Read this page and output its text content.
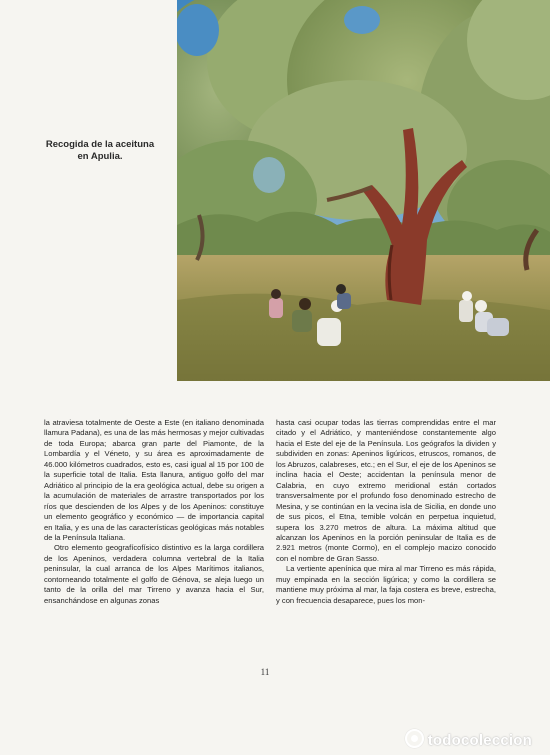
Recogida de la aceituna
en Apulia.

la atraviesa totalmente de Oeste a Este (en italiano denominada llamura Padana), es una de las más hermosas y mejor cultivadas de toda Europa; abarca gran parte del Piamonte, de la Lombardía y el Véneto, y su área es aproximadamente de 46.000 kilómetros cuadrados, esto es, casi igual al 15 por 100 de la superficie total de Italia. Esta llanura, antiguo golfo del mar Adriático al principio de la era geológica actual, debe su origen a la acumulación de materiales de arrastre transportados por los ríos que descienden de los Alpes y de los Apeninos: constituye un elemento geográfico y económico — de importancia capital en Italia, y es una de las características geológicas más notables de la Península Italiana.

Otro elemento geografícofísico distintivo es la larga cordillera de los Apeninos, verdadera columna vertebral de la Italia peninsular, la cual arranca de los Alpes Marítimos italianos, contorneando totalmente el golfo de Génova, se aleja luego un tanto de la orilla del mar Tirreno y avanza hacia el Sur, ensanchándose en algunas zonas

hasta casi ocupar todas las tierras comprendidas entre el mar citado y el Adriático, y manteniéndose constantemente algo hacia el Este del eje de la Península. Los geógrafos la dividen y subdividen en zonas: Apeninos ligúricos, etruscos, romanos, de los Abruzos, calabreses, etc.; en el Sur, el eje de los Apeninos se inclina hacia el Oeste; accidentan la península menor de Calabria, en cuyo extremo meridional están cortados transversalmente por el profundo foso denominado estrecho de Mesina, y se continúan en la vecina isla de Sicilia, en donde uno de sus picos, el Etna, temible volcán en perpetua inquietud, supera los 3.270 metros de altura. La máxima altitud que alcanzan los Apeninos en la porción peninsular de Italia es de 2.921 metros (monte Cormo), en el complejo macizo conocido con el nombre de Gran Sasso.

La vertiente apenínica que mira al mar Tirreno es más rápida, muy empinada en la sección ligúrica; y como la cordillera se mantiene muy próxima al mar, la faja costera es breve, estrecha, y con frecuencia desaparece, pues los mon-

11
todocoleccion
